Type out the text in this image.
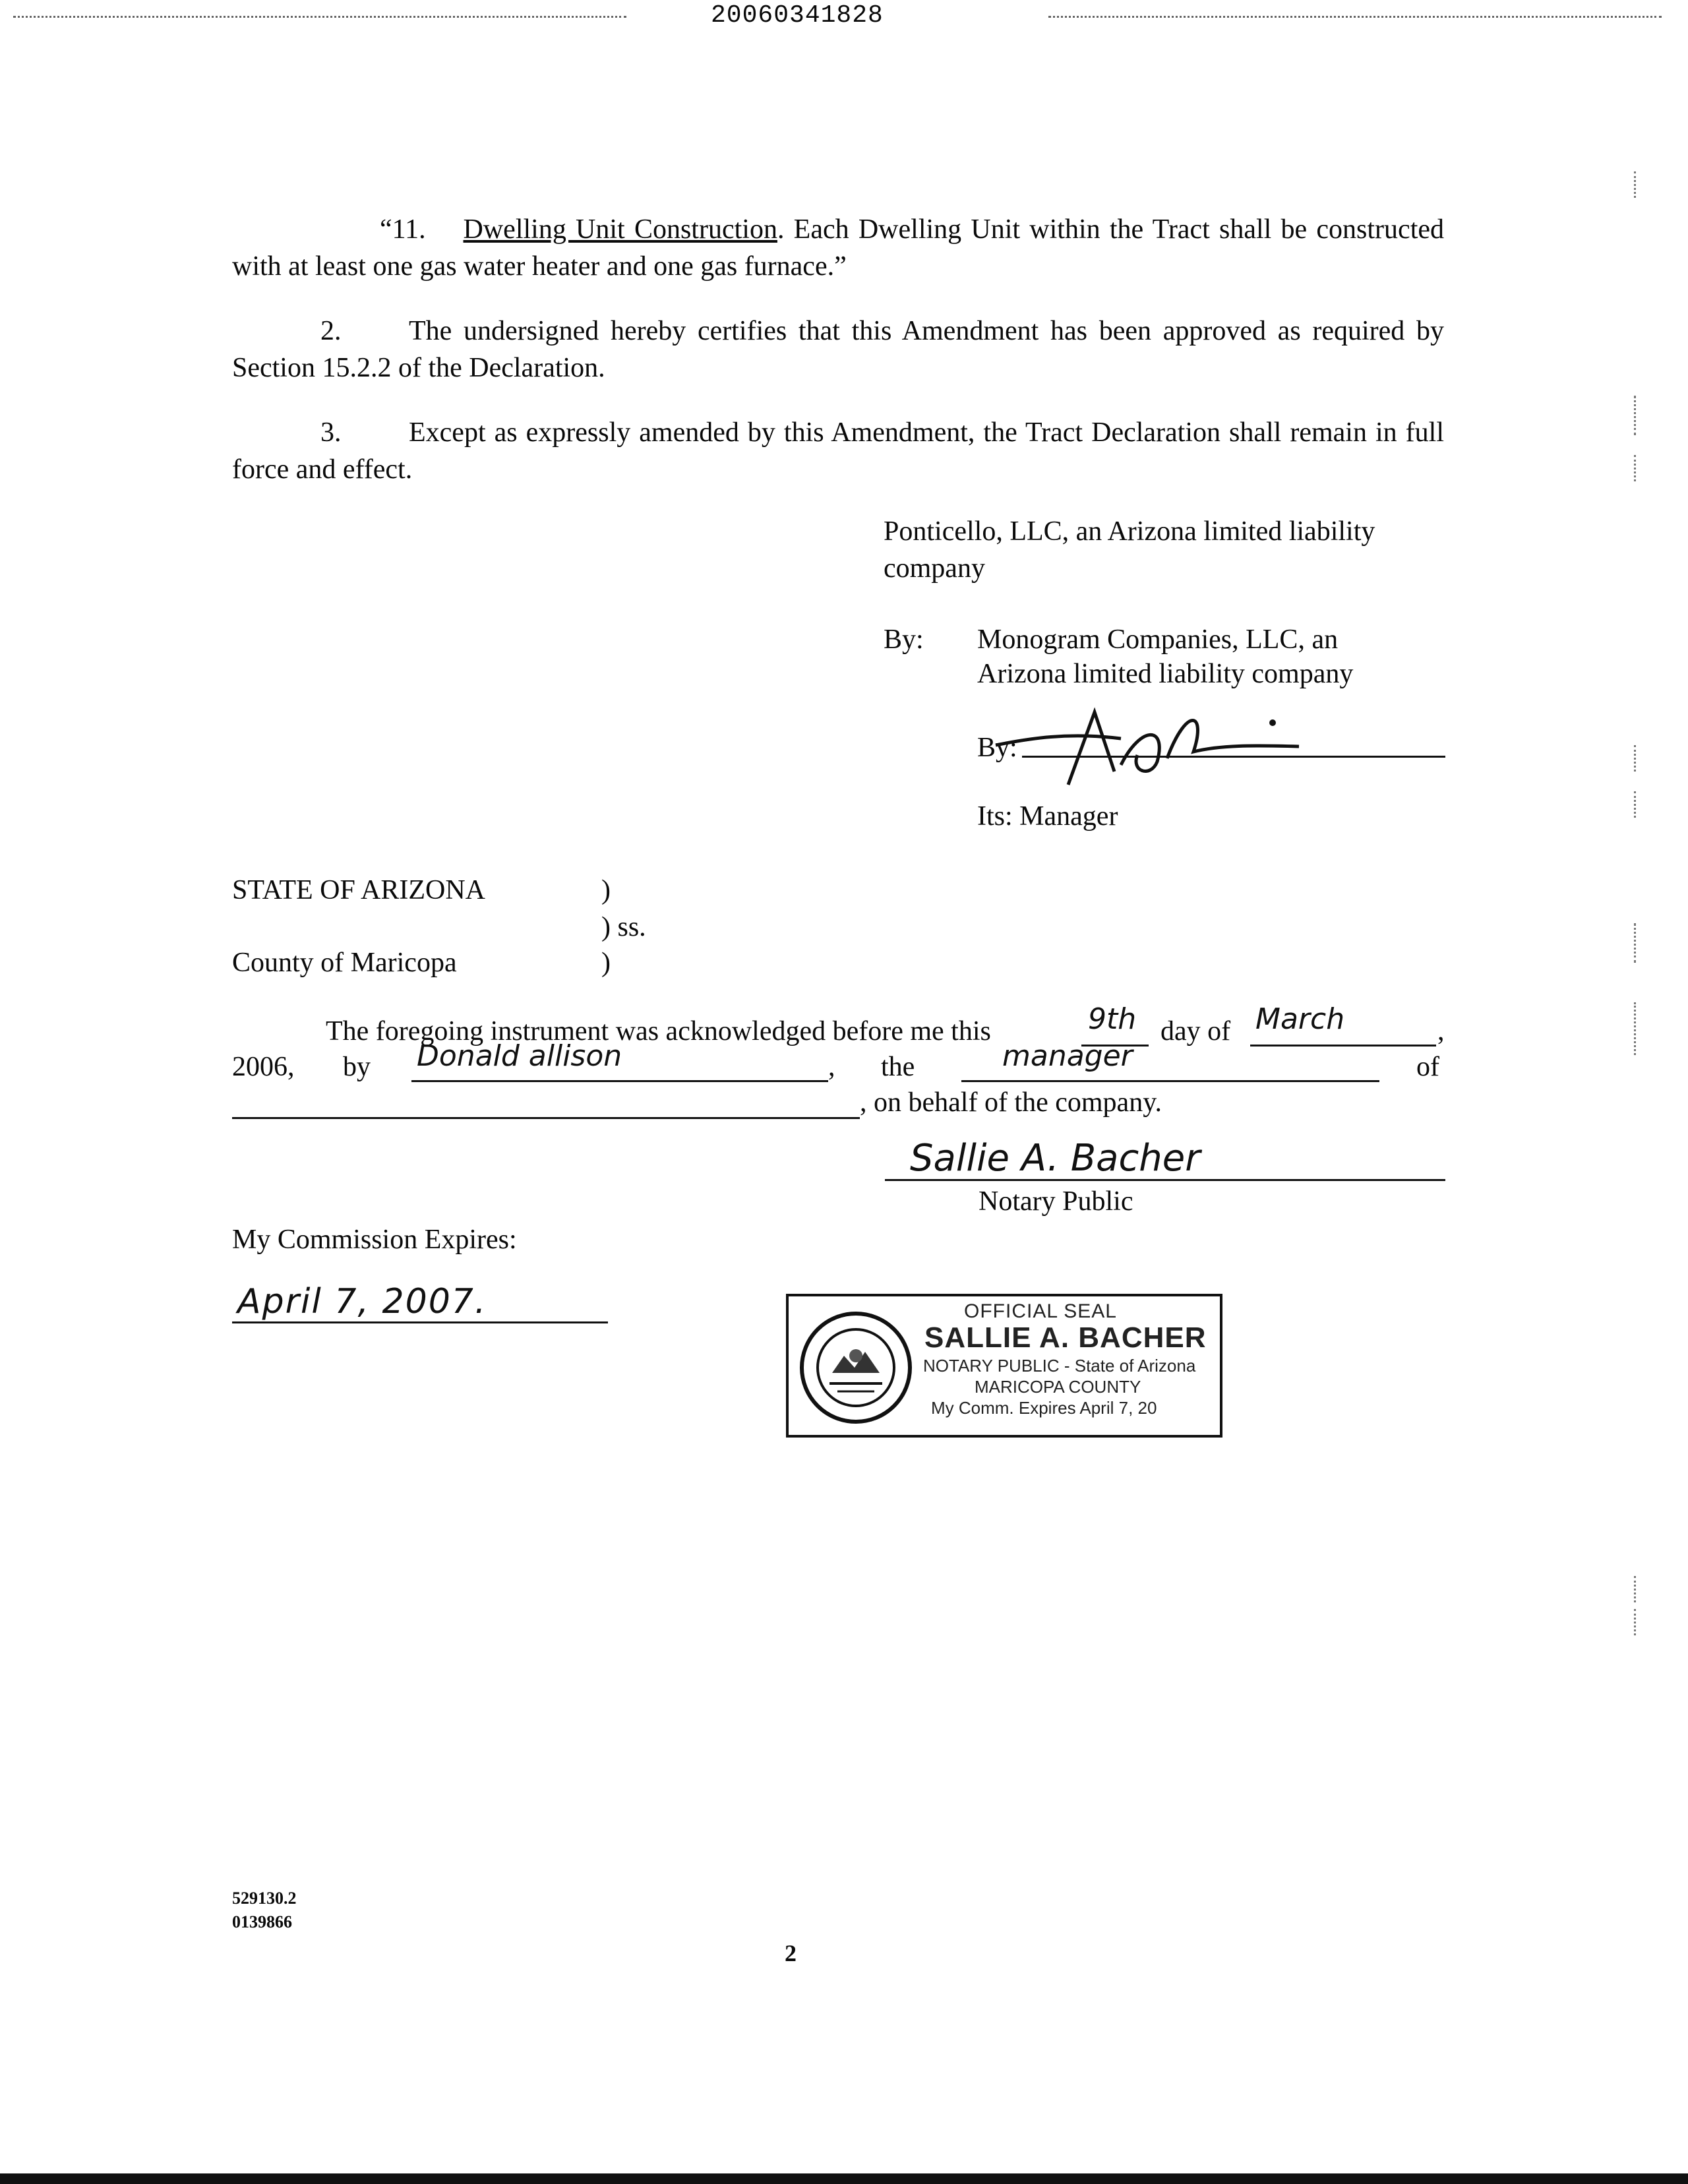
20060341828
“11. Dwelling Unit Construction. Each Dwelling Unit within the Tract shall be constructed with at least one gas water heater and one gas furnace.”
2. The undersigned hereby certifies that this Amendment has been approved as required by Section 15.2.2 of the Declaration.
3. Except as expressly amended by this Amendment, the Tract Declaration shall remain in full force and effect.
Ponticello, LLC, an Arizona limited liability
company
By: Monogram Companies, LLC, an
Arizona limited liability company
By:
Its: Manager
STATE OF ARIZONA
County of Maricopa
)
) ss.
)
The foregoing instrument was acknowledged before me this	9th day of March	,
2006, by Donald allison	, the	manager	of
, on behalf of the company.
Sallie A. Bacher
Notary Public
My Commission Expires:
April 7, 2007.	OFFICIAL SEAL
SALLIE A. BACHER
NOTARY PUBLIC - State of Arizona
MARICOPA COUNTY
My Comm. Expires April 7, 20
529130.2
0139866
2
